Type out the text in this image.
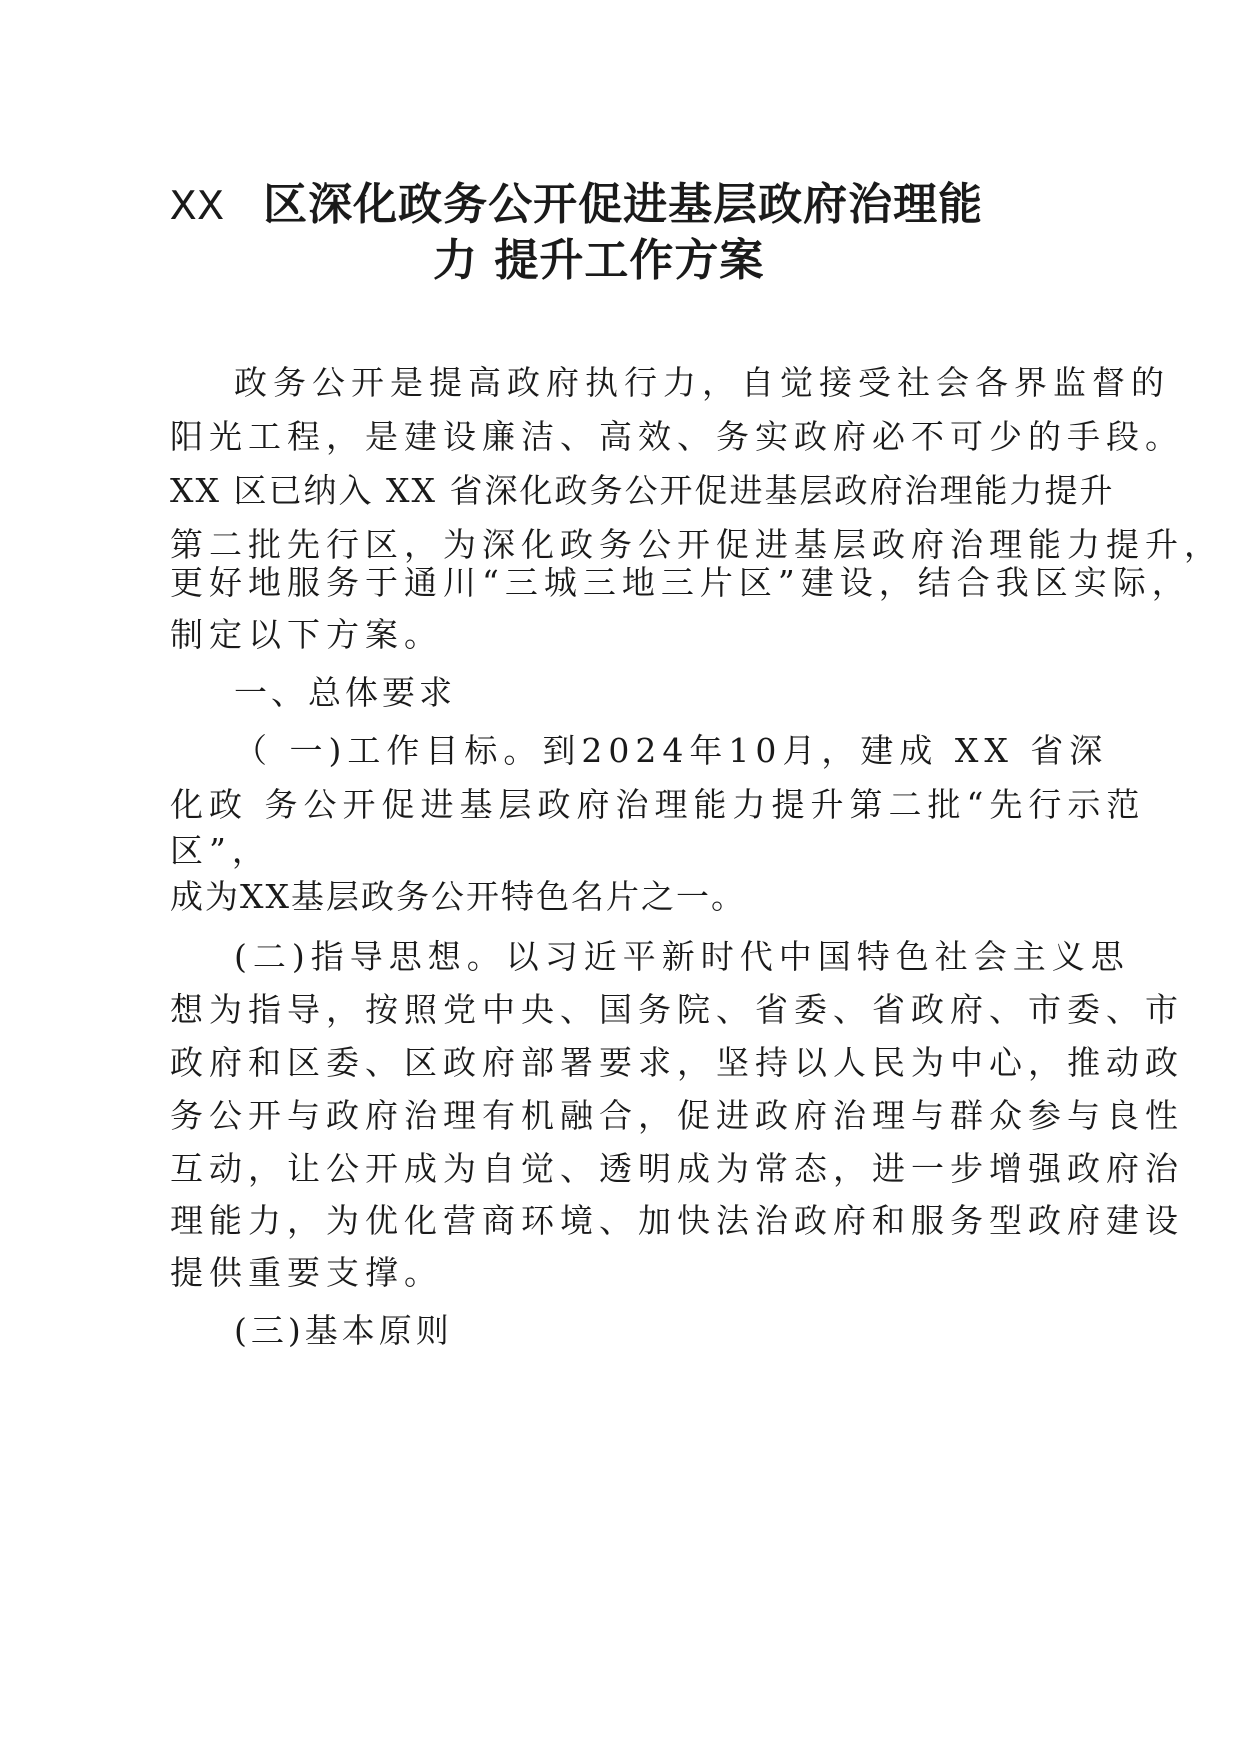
XX 区深化政务公开促进基层政府治理能
力 提升工作方案
政务公开是提高政府执行力，自觉接受社会各界监督的
阳光工程，是建设廉洁、高效、务实政府必不可少的手段。
XX 区已纳入 XX 省深化政务公开促进基层政府治理能力提升
第二批先行区，为深化政务公开促进基层政府治理能力提升，
更好地服务于通川“三城三地三片区”建设，结合我区实际，
制定以下方案。
一、总体要求
（ 一)工作目标。到2024年10月，建成 XX 省深
化政 务公开促进基层政府治理能力提升第二批“先行示范
区”，
成为XX基层政务公开特色名片之一。
(二)指导思想。以习近平新时代中国特色社会主义思
想为指导，按照党中央、国务院、省委、省政府、市委、市
政府和区委、区政府部署要求，坚持以人民为中心，推动政
务公开与政府治理有机融合，促进政府治理与群众参与良性
互动，让公开成为自觉、透明成为常态，进一步增强政府治
理能力，为优化营商环境、加快法治政府和服务型政府建设
提供重要支撑。
(三)基本原则
